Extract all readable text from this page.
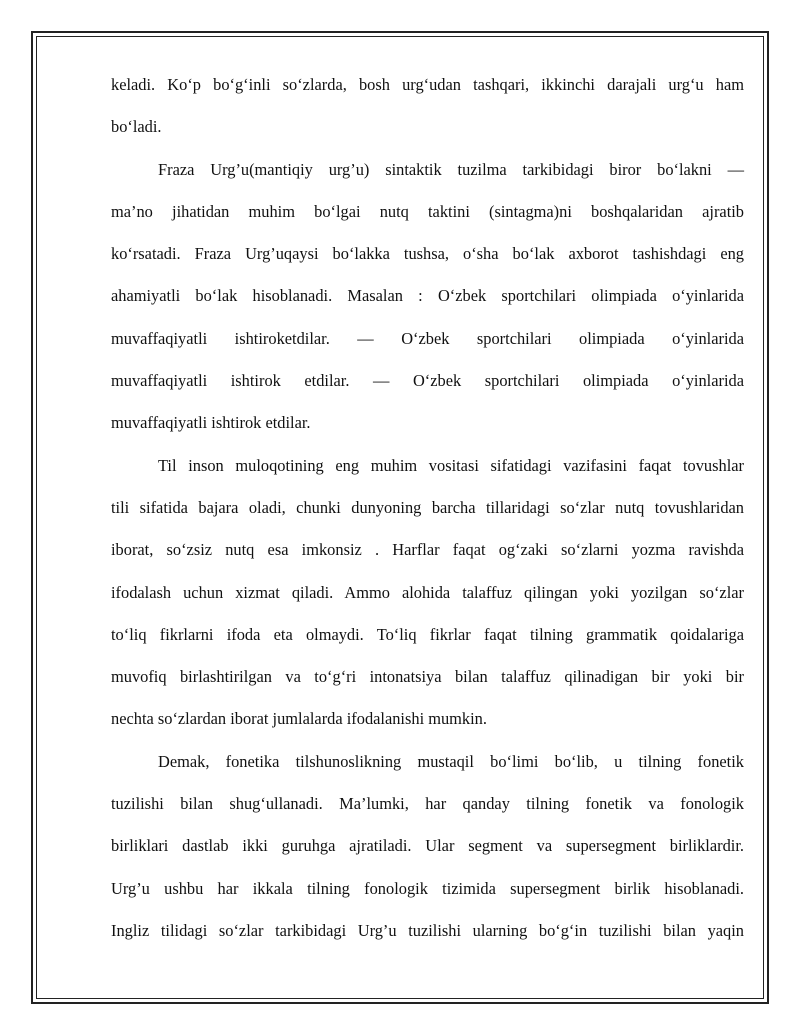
keladi. Ko‘p bo‘g‘inli so‘zlarda, bosh urg‘udan tashqari, ikkinchi darajali urg‘u ham
bo‘ladi.

Fraza Urg’u(mantiqiy urg’u) sintaktik tuzilma tarkibidagi biror bo‘lakni —
ma’no jihatidan muhim bo‘lgai nutq taktini (sintagma)ni boshqalaridan ajratib
ko‘rsatadi. Fraza Urg’uqaysi bo‘lakka tushsa, o‘sha bo‘lak axborot tashishdagi eng
ahamiyatli bo‘lak hisoblanadi. Masalan : O‘zbek sportchilari olimpiada o‘yinlarida
muvaffaqiyatli ishtiroketdilar. — O‘zbek sportchilari olimpiada o‘yinlarida
muvaffaqiyatli ishtirok etdilar. — O‘zbek sportchilari olimpiada o‘yinlarida
muvaffaqiyatli ishtirok etdilar.

Til inson muloqotining eng muhim vositasi sifatidagi vazifasini faqat tovushlar
tili sifatida bajara oladi, chunki dunyoning barcha tillaridagi so‘zlar nutq tovushlaridan
iborat, so‘zsiz nutq esa imkonsiz . Harflar faqat og‘zaki so‘zlarni yozma ravishda
ifodalash uchun xizmat qiladi. Ammo alohida talaffuz qilingan yoki yozilgan so‘zlar
to‘liq fikrlarni ifoda eta olmaydi. To‘liq fikrlar faqat tilning grammatik qoidalariga
muvofiq birlashtirilgan va to‘g‘ri intonatsiya bilan talaffuz qilinadigan bir yoki bir
nechta so‘zlardan iborat jumlalarda ifodalanishi mumkin.

Demak, fonetika tilshunoslikning mustaqil bo‘limi bo‘lib, u tilning fonetik
tuzilishi bilan shug‘ullanadi. Ma’lumki, har qanday tilning fonetik va fonologik
birliklari dastlab ikki guruhga ajratiladi. Ular segment va supersegment birliklardir.
Urg’u ushbu har ikkala tilning fonologik tizimida supersegment birlik hisoblanadi.
Ingliz tilidagi so‘zlar tarkibidagi Urg’u tuzilishi ularning bo‘g‘in tuzilishi bilan yaqin
